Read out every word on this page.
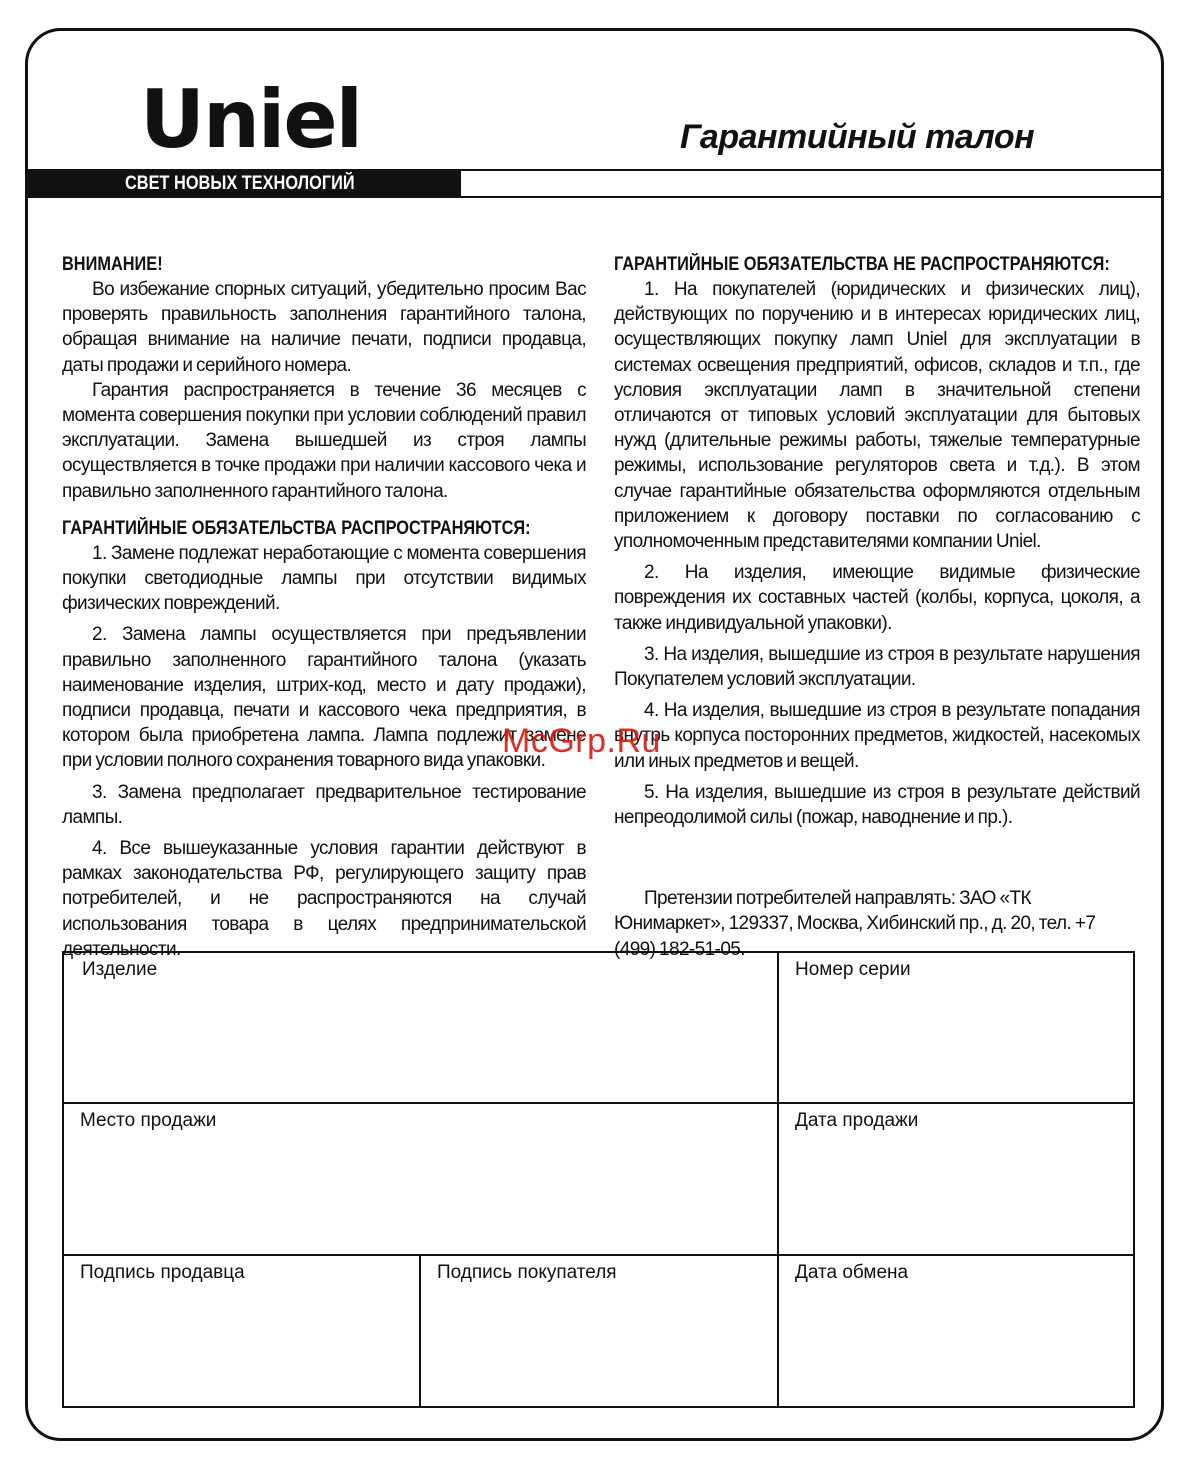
Uniel	Гарантийный талон
СВЕТ НОВЫХ ТЕХНОЛОГИЙ
ВНИМАНИЕ!

Во избежание спорных ситуаций, убедительно просим Вас проверять правильность заполнения гарантийного талона, обращая внимание на наличие печати, подписи продавца, даты продажи и серийного номера.

Гарантия распространяется в течение 36 месяцев с момента совершения покупки при условии соблюдений правил эксплуатации. Замена вышедшей из строя лампы осуществляется в точке продажи при наличии кассового чека и правильно заполненного гарантийного талона.

ГАРАНТИЙНЫЕ ОБЯЗАТЕЛЬСТВА РАСПРОСТРАНЯЮТСЯ:

1. Замене подлежат неработающие с момента совершения покупки светодиодные лампы при отсутствии видимых физических повреждений.

2. Замена лампы осуществляется при предъявлении правильно заполненного гарантийного талона (указать наименование изделия, штрих-код, место и дату продажи), подписи продавца, печати и кассового чека предприятия, в котором была приобретена лампа. Лампа подлежит замене при условии полного сохранения товарного вида упаковки.

3. Замена предполагает предварительное тестирование лампы.

4. Все вышеуказанные условия гарантии действуют в рамках законодательства РФ, регулирующего защиту прав потребителей, и не распространяются на случай использования товара в целях предпринимательской деятельности.

ГАРАНТИЙНЫЕ ОБЯЗАТЕЛЬСТВА НЕ РАСПРОСТРАНЯЮТСЯ:

1. На покупателей (юридических и физических лиц), действующих по поручению и в интересах юридических лиц, осуществляющих покупку ламп Uniel для эксплуатации в системах освещения предприятий, офисов, складов и т.п., где условия эксплуатации ламп в значительной степени отличаются от типовых условий эксплуатации для бытовых нужд (длительные режимы работы, тяжелые температурные режимы, использование регуляторов света и т.д.). В этом случае гарантийные обязательства оформляются отдельным приложением к договору поставки по согласованию с уполномоченным представителями компании Uniel.

2. На изделия, имеющие видимые физические повреждения их составных частей (колбы, корпуса, цоколя, а также индивидуальной упаковки).

3. На изделия, вышедшие из строя в результате нарушения Покупателем условий эксплуатации.

4. На изделия, вышедшие из строя в результате попадания внутрь корпуса посторонних предметов, жидкостей, насекомых или иных предметов и вещей.

5. На изделия, вышедшие из строя в результате действий непреодолимой силы (пожар, наводнение и пр.).

Претензии потребителей направлять: ЗАО «ТК Юнимаркет», 129337, Москва, Хибинский пр., д. 20, тел. +7 (499) 182-51-05.

McGrp.Ru
Изделие	Номер серии
Место продажи	Дата продажи
Подпись продавца	Подпись покупателя	Дата обмена
